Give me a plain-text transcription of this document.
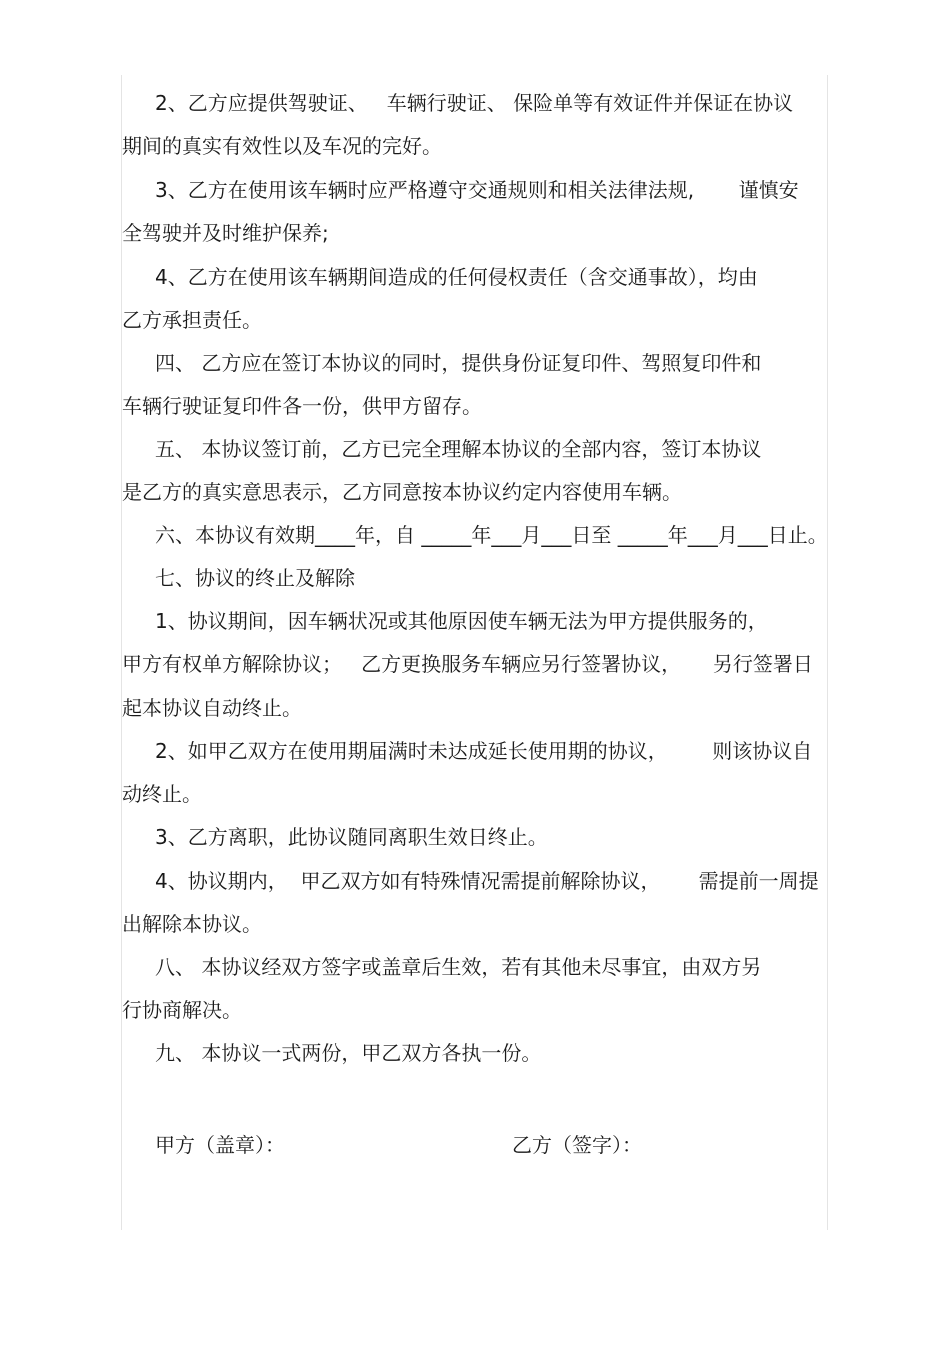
2、乙方应提供驾驶证、   车辆行驶证、 保险单等有效证件并保证在协议
期间的真实有效性以及车况的完好。
3、乙方在使用该车辆时应严格遵守交通规则和相关法律法规,       谨慎安
全驾驶并及时维护保养;
4、乙方在使用该车辆期间造成的任何侵权责任（含交通事故），均由
乙方承担责任。
四、 乙方应在签订本协议的同时，提供身份证复印件、驾照复印件和
车辆行驶证复印件各一份，供甲方留存。
五、 本协议签订前，乙方已完全理解本协议的全部内容，签订本协议
是乙方的真实意思表示，乙方同意按本协议约定内容使用车辆。
六、本协议有效期____年，自 _____年___月___日至 _____年___月___日止。
七、协议的终止及解除
1、协议期间，因车辆状况或其他原因使车辆无法为甲方提供服务的，
甲方有权单方解除协议；   乙方更换服务车辆应另行签署协议，     另行签署日
起本协议自动终止。
2、如甲乙双方在使用期届满时未达成延长使用期的协议，       则该协议自
动终止。
3、乙方离职，此协议随同离职生效日终止。
4、协议期内，  甲乙双方如有特殊情况需提前解除协议，      需提前一周提
出解除本协议。
八、 本协议经双方签字或盖章后生效，若有其他未尽事宜，由双方另
行协商解决。
九、 本协议一式两份，甲乙双方各执一份。
甲方（盖章）：	乙方（签字）：
